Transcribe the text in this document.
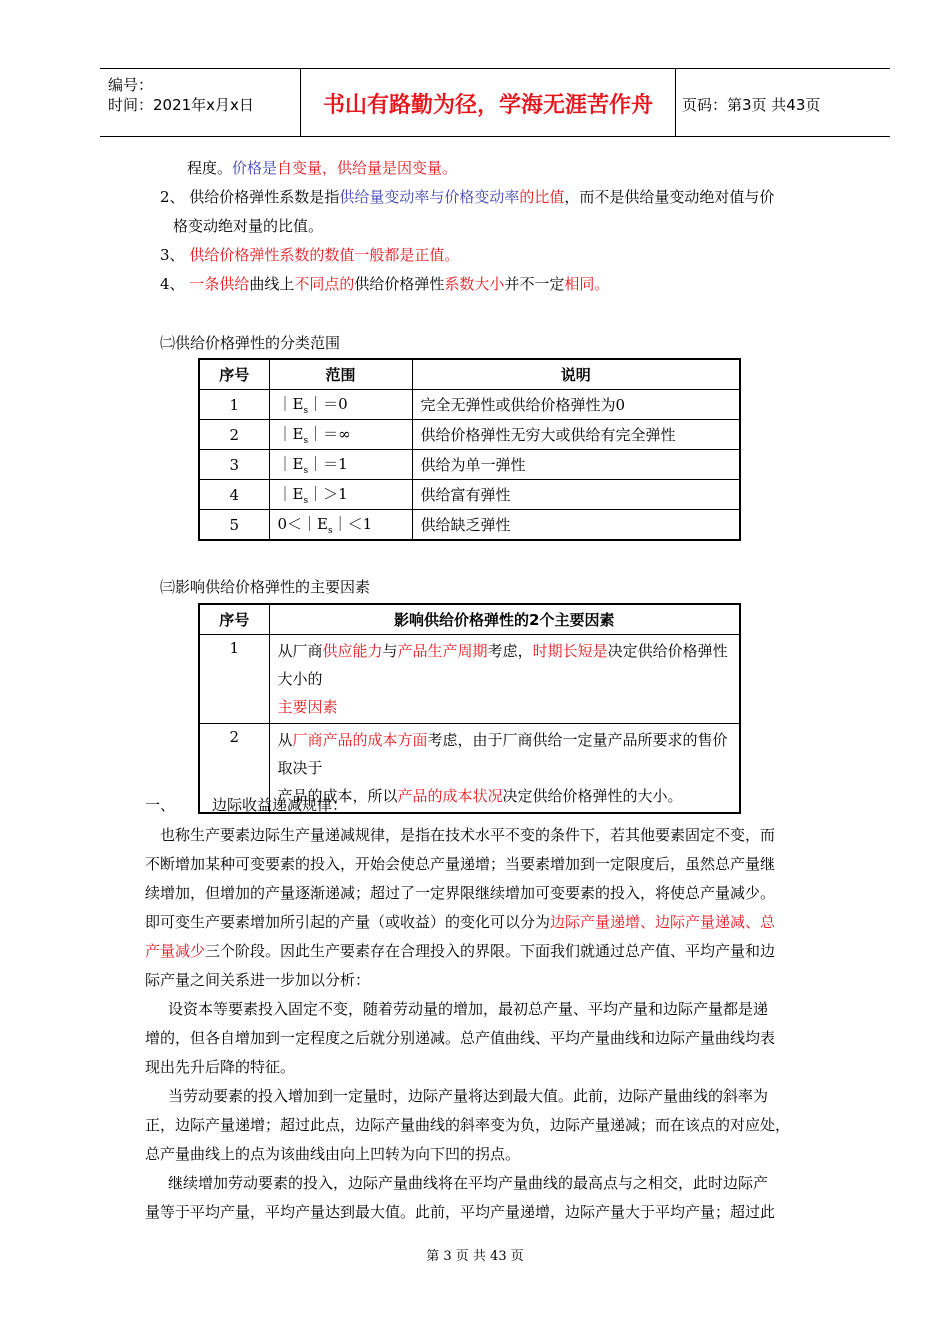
编号：
时间：2021年x月x日	书山有路勤为径，学海无涯苦作舟	页码：第3页 共43页
程度。价格是自变量，供给量是因变量。
2、 供给价格弹性系数是指供给量变动率与价格变动率的比值，而不是供给量变动绝对值与价
格变动绝对量的比值。
3、 供给价格弹性系数的数值一般都是正值。
4、 一条供给曲线上不同点的供给价格弹性系数大小并不一定相同。
㈡供给价格弹性的分类范围
序号	范围	说明
1	$|E_s|=0$	完全无弹性或供给价格弹性为0
2	$|E_s|=\infty$	供给价格弹性无穷大或供给有完全弹性
3	$|E_s|=1$	供给为单一弹性
4	$|E_s|>1$	供给富有弹性
5	$0<|E_s|<1$	供给缺乏弹性
㈢影响供给价格弹性的主要因素
序号	影响供给价格弹性的2个主要因素
1	从厂商供应能力与产品生产周期考虑，时期长短是决定供给价格弹性大小的
主要因素
2	从厂商产品的成本方面考虑，由于厂商供给一定量产品所要求的售价取决于
产品的成本，所以产品的成本状况决定供给价格弹性的大小。
一、 边际收益递减规律：
也称生产要素边际生产量递减规律，是指在技术水平不变的条件下，若其他要素固定不变，而
不断增加某种可变要素的投入，开始会使总产量递增；当要素增加到一定限度后，虽然总产量继
续增加，但增加的产量逐渐递减；超过了一定界限继续增加可变要素的投入，将使总产量减少。
即可变生产要素增加所引起的产量（或收益）的变化可以分为边际产量递增、边际产量递减、总
产量减少三个阶段。因此生产要素存在合理投入的界限。下面我们就通过总产值、平均产量和边
际产量之间关系进一步加以分析：
设资本等要素投入固定不变，随着劳动量的增加，最初总产量、平均产量和边际产量都是递
增的，但各自增加到一定程度之后就分别递减。总产值曲线、平均产量曲线和边际产量曲线均表
现出先升后降的特征。
当劳动要素的投入增加到一定量时，边际产量将达到最大值。此前，边际产量曲线的斜率为
正，边际产量递增；超过此点，边际产量曲线的斜率变为负，边际产量递减；而在该点的对应处，
总产量曲线上的点为该曲线由向上凹转为向下凹的拐点。
继续增加劳动要素的投入，边际产量曲线将在平均产量曲线的最高点与之相交，此时边际产
量等于平均产量，平均产量达到最大值。此前，平均产量递增，边际产量大于平均产量；超过此
第 3 页 共 43 页
